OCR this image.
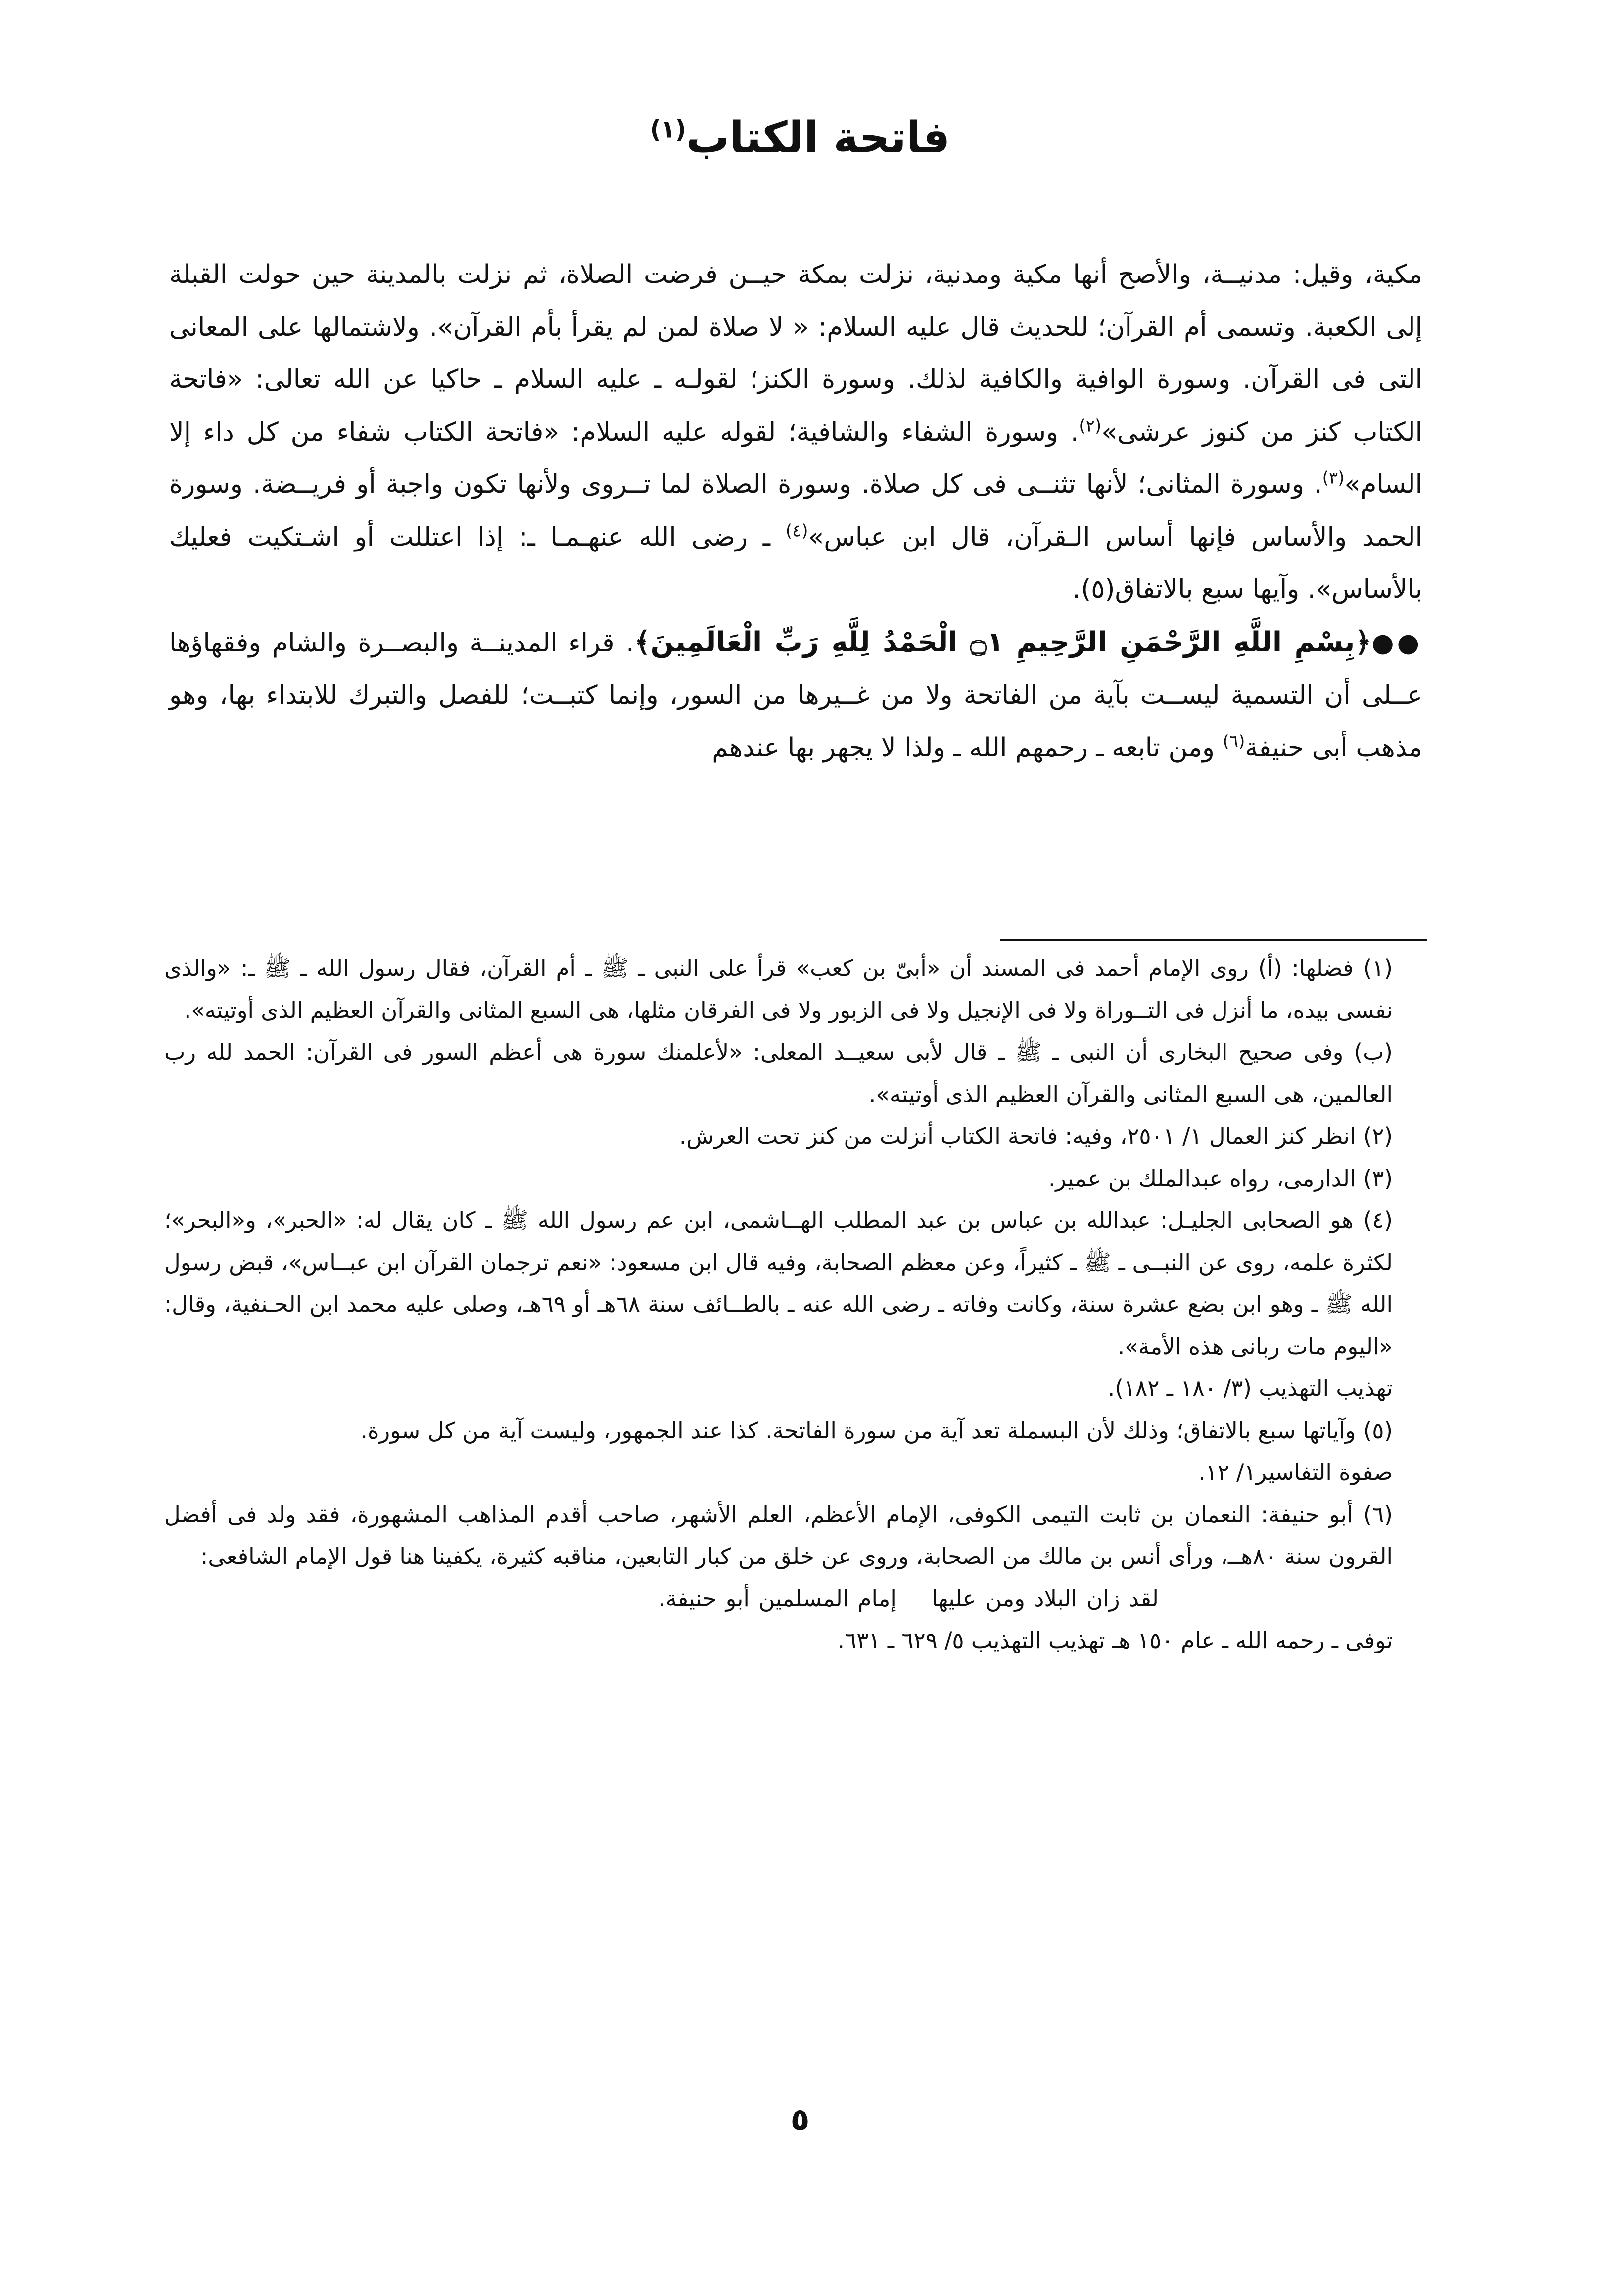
فاتحة الكتاب$^{(١)}$

مكية، وقيل: مدنيــة، والأصح أنها مكية ومدنية، نزلت بمكة حيــن فرضت الصلاة، ثم نزلت بالمدينة حين حولت القبلة إلى الكعبة. وتسمى أم القرآن؛ للحديث قال عليه السلام: « لا صلاة لمن لم يقرأ بأم القرآن». ولاشتمالها على المعانى التى فى القرآن. وسورة الوافية والكافية لذلك. وسورة الكنز؛ لقولـه ـ عليه السلام ـ حاكيا عن الله تعالى: «فاتحة الكتاب كنز من كنوز عرشى»$^{(٢)}$. وسورة الشفاء والشافية؛ لقوله عليه السلام: «فاتحة الكتاب شفاء من كل داء إلا السام»$^{(٣)}$. وسورة المثانى؛ لأنها تثنــى فى كل صلاة. وسورة الصلاة لما تــروى ولأنها تكون واجبة أو فريــضة. وسورة الحمد والأساس فإنها أساس الـقرآن، قال ابن عباس»$^{(٤)}$ ـ رضى الله عنهـمـا ـ: إذا اعتللت أو اشـتكيت فعليك بالأساس». وآيها سبع بالاتفاق(٥).

●●﴿بِسْمِ اللَّهِ الرَّحْمَنِ الرَّحِيمِ ۝١ الْحَمْدُ لِلَّهِ رَبِّ الْعَالَمِينَ﴾. قراء المدينــة والبصــرة والشام وفقهاؤها عــلى أن التسمية ليســت بآية من الفاتحة ولا من غــيرها من السور، وإنما كتبــت؛ للفصل والتبرك للابتداء بها، وهو مذهب أبى حنيفة$^{(٦)}$ ومن تابعه ـ رحمهم الله ـ ولذا لا يجهر بها عندهم

(١) فضلها: (أ) روى الإمام أحمد فى المسند أن «أبىّ بن كعب» قرأ على النبى ـ ﷺ ـ أم القرآن، فقال رسول الله ـ ﷺ ـ: «والذى نفسى بيده، ما أنزل فى التــوراة ولا فى الإنجيل ولا فى الزبور ولا فى الفرقان مثلها، هى السبع المثانى والقرآن العظيم الذى أوتيته».

(ب) وفى صحيح البخارى أن النبى ـ ﷺ ـ قال لأبى سعيــد المعلى: «لأعلمنك سورة هى أعظم السور فى القرآن: الحمد لله رب العالمين، هى السبع المثانى والقرآن العظيم الذى أوتيته».

(٢) انظر كنز العمال ١/ ٢٥٠١، وفيه: فاتحة الكتاب أنزلت من كنز تحت العرش.

(٣) الدارمى، رواه عبدالملك بن عمير.

(٤) هو الصحابى الجليـل: عبدالله بن عباس بن عبد المطلب الهــاشمى، ابن عم رسول الله ﷺ ـ كان يقال له: «الحبر»، و«البحر»؛ لكثرة علمه، روى عن النبــى ـ ﷺ ـ كثيراً، وعن معظم الصحابة، وفيه قال ابن مسعود: «نعم ترجمان القرآن ابن عبــاس»، قبض رسول الله ﷺ ـ وهو ابن بضع عشرة سنة، وكانت وفاته ـ رضى الله عنه ـ بالطــائف سنة ٦٨هـ أو ٦٩هـ، وصلى عليه محمد ابن الحـنفية، وقال: «اليوم مات ربانى هذه الأمة».

تهذيب التهذيب (٣/ ١٨٠ ـ ١٨٢).

(٥) وآياتها سبع بالاتفاق؛ وذلك لأن البسملة تعد آية من سورة الفاتحة. كذا عند الجمهور، وليست آية من كل سورة.

صفوة التفاسير١/ ١٢.

(٦) أبو حنيفة: النعمان بن ثابت التيمى الكوفى، الإمام الأعظم، العلم الأشهر، صاحب أقدم المذاهب المشهورة، فقد ولد فى أفضل القرون سنة ٨٠هــ، ورأى أنس بن مالك من الصحابة، وروى عن خلق من كبار التابعين، مناقبه كثيرة، يكفينا هنا قول الإمام الشافعى:

لقد زان البلاد ومن عليهاإمام المسلمين أبو حنيفة.

توفى ـ رحمه الله ـ عام ١٥٠ هـ تهذيب التهذيب ٥/ ٦٢٩ ـ ٦٣١.

٥
